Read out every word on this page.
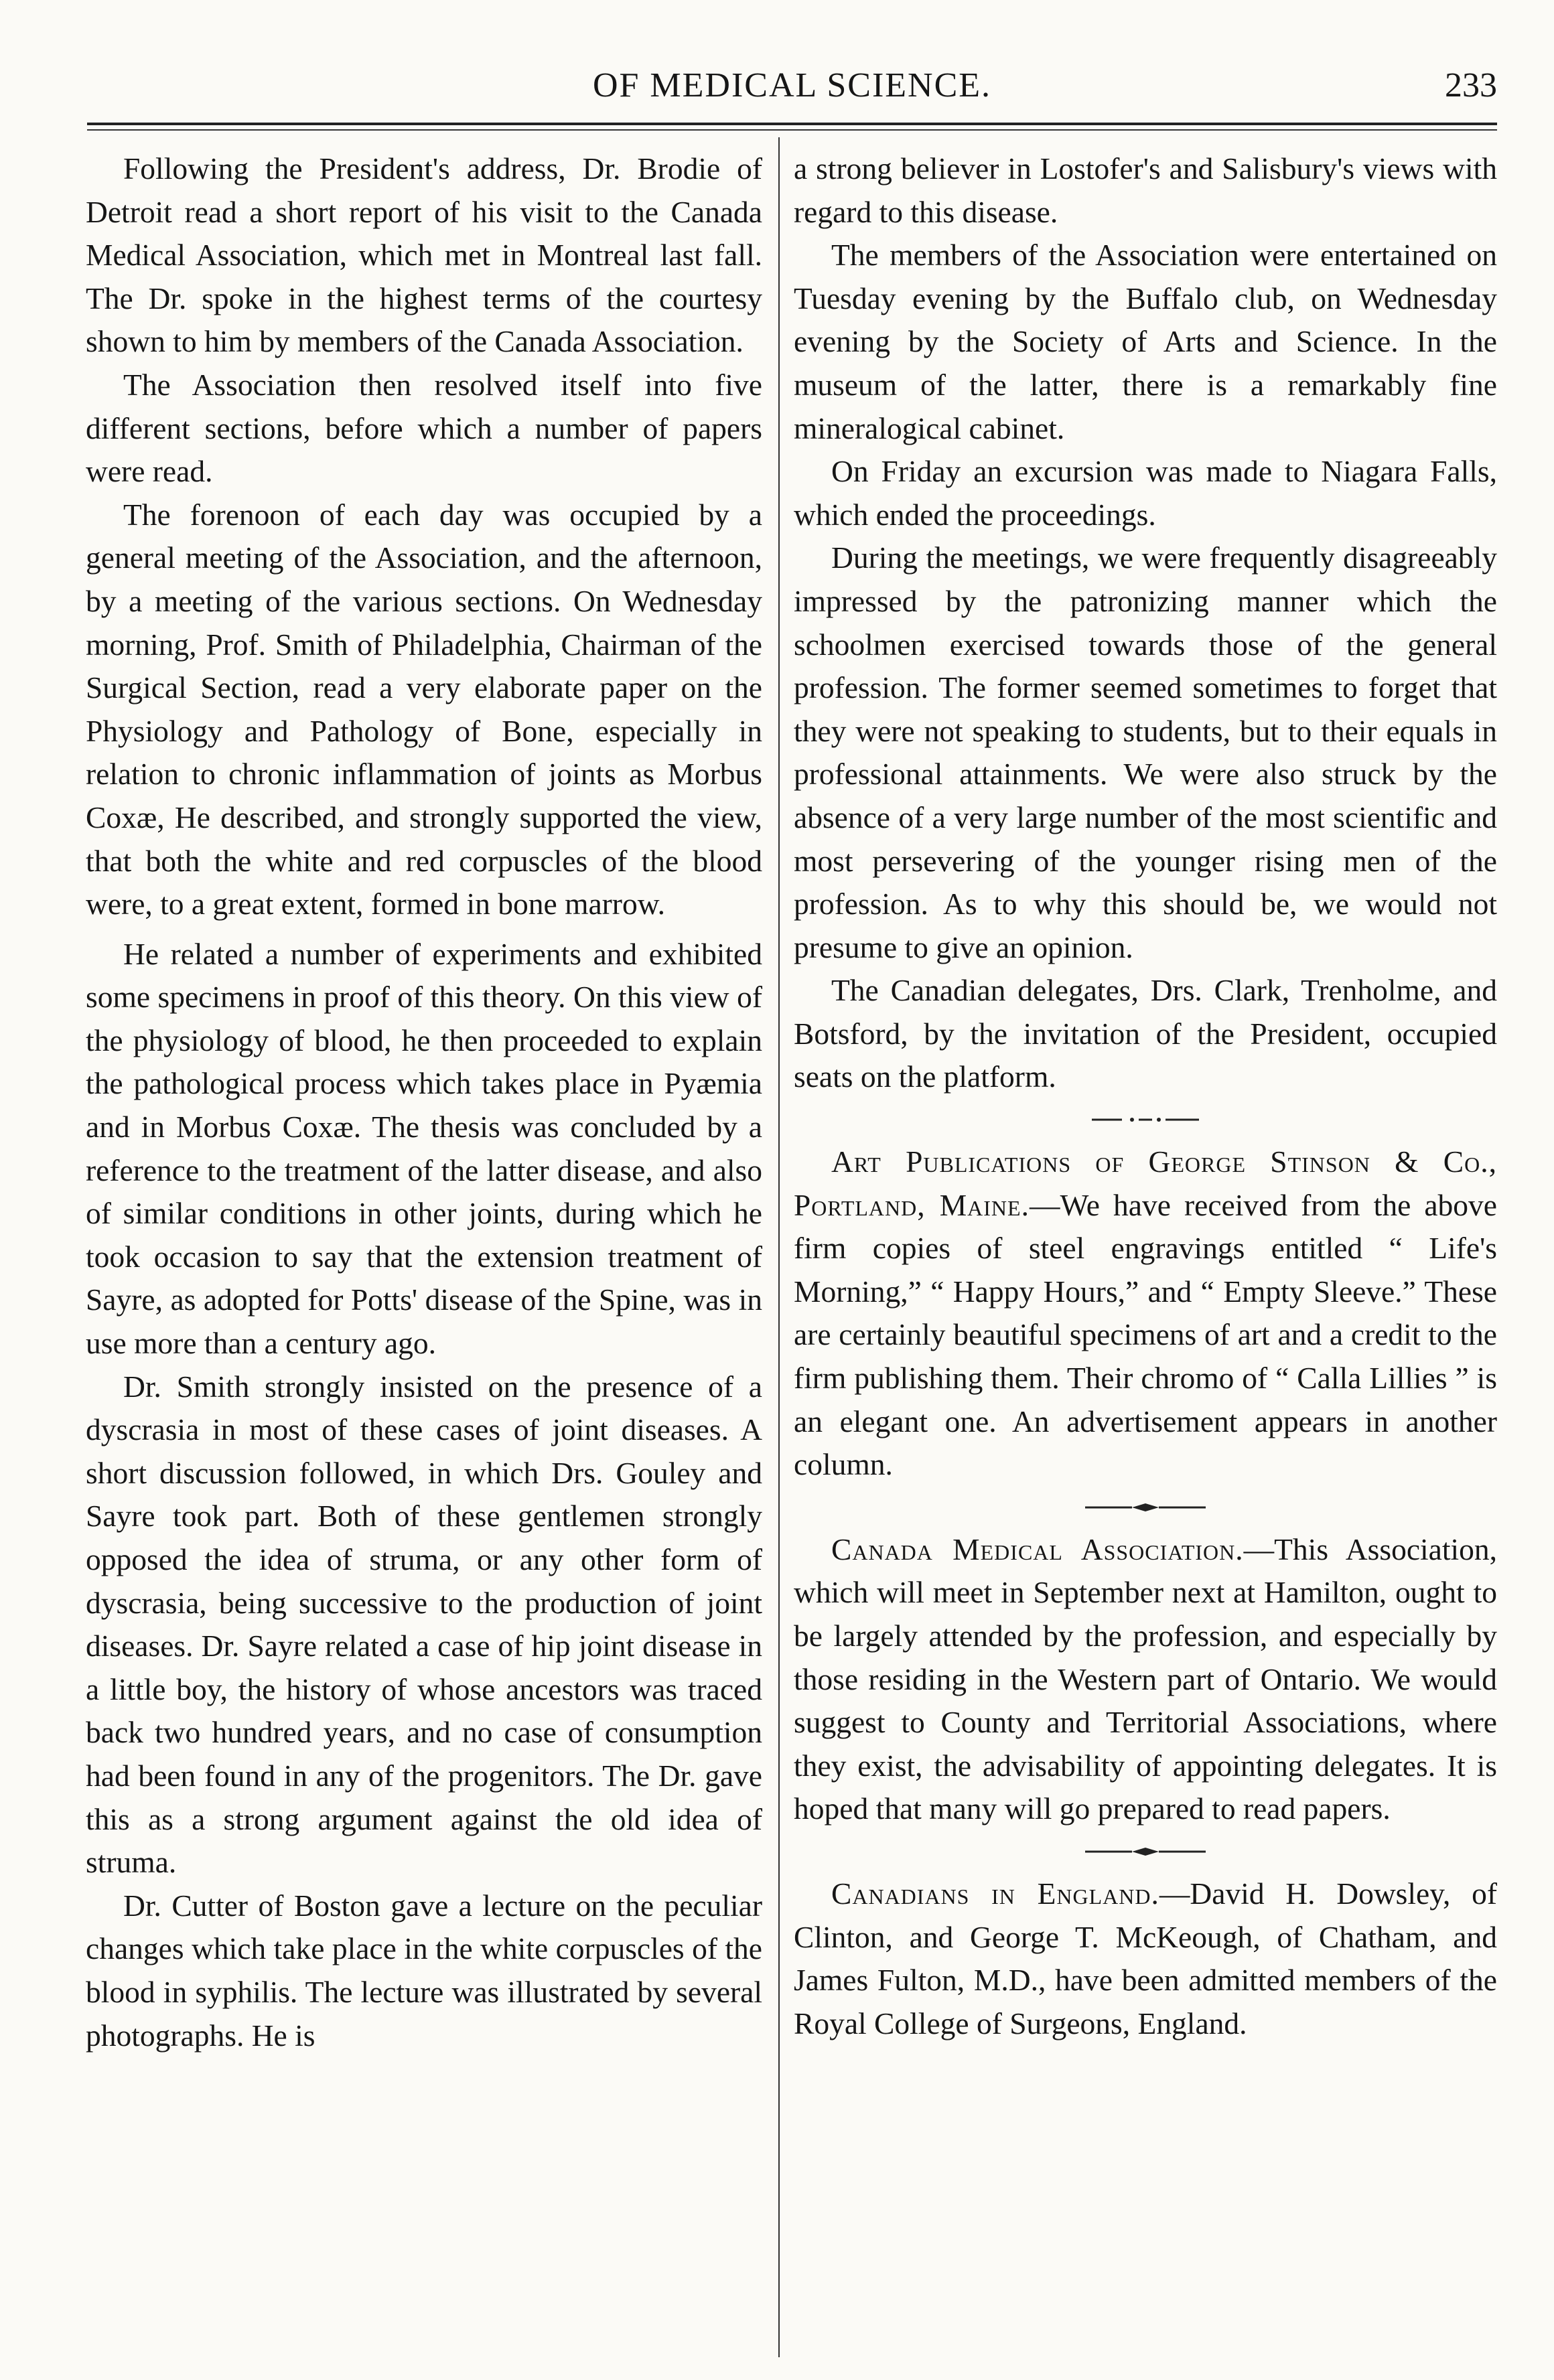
OF MEDICAL SCIENCE.	233

Following the President's address, Dr. Brodie of Detroit read a short report of his visit to the Canada Medical Association, which met in Montreal last fall. The Dr. spoke in the highest terms of the courtesy shown to him by members of the Canada Association.

The Association then resolved itself into five different sections, before which a number of papers were read.

The forenoon of each day was occupied by a general meeting of the Association, and the afternoon, by a meeting of the various sections. On Wednesday morning, Prof. Smith of Philadelphia, Chairman of the Surgical Section, read a very elaborate paper on the Physiology and Pathology of Bone, especially in relation to chronic inflammation of joints as Morbus Coxæ, He described, and strongly supported the view, that both the white and red corpuscles of the blood were, to a great extent, formed in bone marrow.

He related a number of experiments and exhibited some specimens in proof of this theory. On this view of the physiology of blood, he then proceeded to explain the pathological process which takes place in Pyæmia and in Morbus Coxæ. The thesis was concluded by a reference to the treatment of the latter disease, and also of similar conditions in other joints, during which he took occasion to say that the extension treatment of Sayre, as adopted for Potts' disease of the Spine, was in use more than a century ago.

Dr. Smith strongly insisted on the presence of a dyscrasia in most of these cases of joint diseases. A short discussion followed, in which Drs. Gouley and Sayre took part. Both of these gentlemen strongly opposed the idea of struma, or any other form of dyscrasia, being successive to the production of joint diseases. Dr. Sayre related a case of hip joint disease in a little boy, the history of whose ancestors was traced back two hundred years, and no case of consumption had been found in any of the progenitors. The Dr. gave this as a strong argument against the old idea of struma.

Dr. Cutter of Boston gave a lecture on the peculiar changes which take place in the white corpuscles of the blood in syphilis. The lecture was illustrated by several photographs. He is

a strong believer in Lostofer's and Salisbury's views with regard to this disease.

The members of the Association were entertained on Tuesday evening by the Buffalo club, on Wednesday evening by the Society of Arts and Science. In the museum of the latter, there is a remarkably fine mineralogical cabinet.

On Friday an excursion was made to Niagara Falls, which ended the proceedings.

During the meetings, we were frequently disagreeably impressed by the patronizing manner which the schoolmen exercised towards those of the general profession. The former seemed sometimes to forget that they were not speaking to students, but to their equals in professional attainments. We were also struck by the absence of a very large number of the most scientific and most persevering of the younger rising men of the profession. As to why this should be, we would not presume to give an opinion.

The Canadian delegates, Drs. Clark, Trenholme, and Botsford, by the invitation of the President, occupied seats on the platform.

Art Publications of George Stinson & Co., Portland, Maine.—We have received from the above firm copies of steel engravings entitled “ Life's Morning,” “ Happy Hours,” and “ Empty Sleeve.” These are certainly beautiful specimens of art and a credit to the firm publishing them. Their chromo of “ Calla Lillies ” is an elegant one. An advertisement appears in another column.

Canada Medical Association.—This Association, which will meet in September next at Hamilton, ought to be largely attended by the profession, and especially by those residing in the Western part of Ontario. We would suggest to County and Territorial Associations, where they exist, the advisability of appointing delegates. It is hoped that many will go prepared to read papers.

Canadians in England.—David H. Dowsley, of Clinton, and George T. McKeough, of Chatham, and James Fulton, M.D., have been admitted members of the Royal College of Surgeons, England.
